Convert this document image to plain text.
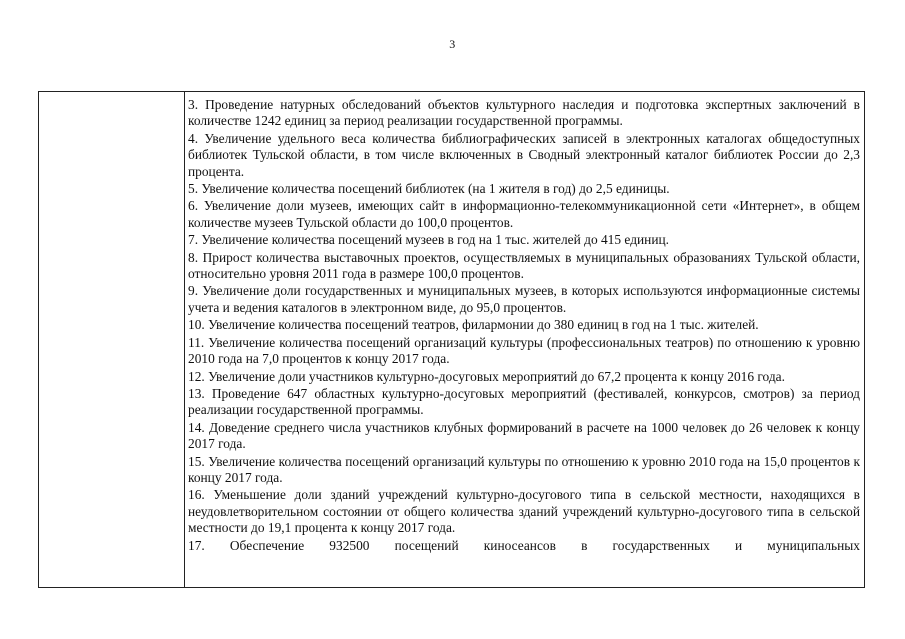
3

3. Проведение натурных обследований объектов культурного наследия и подготовка экспертных заключений в количестве 1242 единиц за период реализации государственной программы.

4. Увеличение удельного веса количества библиографических записей в электронных каталогах общедоступных библиотек Тульской области, в том числе включенных в Сводный электронный каталог библиотек России до 2,3 процента.

5. Увеличение количества посещений библиотек (на 1 жителя в год) до 2,5 единицы.

6. Увеличение доли музеев, имеющих сайт в информационно-телекоммуникационной сети «Интернет», в общем количестве музеев Тульской области до 100,0 процентов.

7. Увеличение количества посещений музеев в год на 1 тыс. жителей до 415 единиц.

8. Прирост количества выставочных проектов, осуществляемых в муниципальных образованиях Тульской области, относительно уровня 2011 года в размере 100,0 процентов.

9. Увеличение доли государственных и муниципальных музеев, в которых используются информационные системы учета и ведения каталогов в электронном виде, до 95,0 процентов.

10. Увеличение количества посещений театров, филармонии до 380 единиц в год на 1 тыс. жителей.

11. Увеличение количества посещений организаций культуры (профессиональных театров) по отношению к уровню 2010 года на 7,0 процентов к концу 2017 года.

12. Увеличение доли участников культурно-досуговых мероприятий до 67,2 процента к концу 2016 года.

13. Проведение 647 областных культурно-досуговых мероприятий (фестивалей, конкурсов, смотров) за период реализации государственной программы.

14. Доведение среднего числа участников клубных формирований в расчете на 1000 человек до 26 человек к концу 2017 года.

15. Увеличение количества посещений организаций культуры по отношению к уровню 2010 года на 15,0 процентов к концу 2017 года.

16. Уменьшение доли зданий учреждений культурно-досугового типа в сельской местности, находящихся в неудовлетворительном состоянии от общего количества зданий учреждений культурно-досугового типа в сельской местности до 19,1 процента к концу 2017 года.

17. Обеспечение 932500 посещений киносеансов в государственных и муниципальных
